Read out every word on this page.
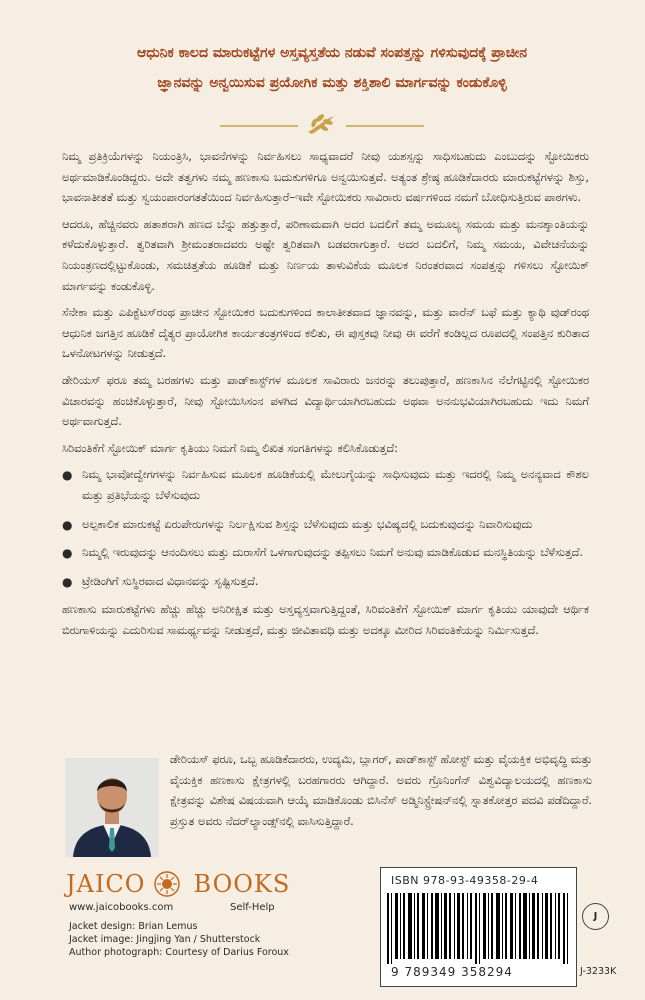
ಆಧುನಿಕ ಕಾಲದ ಮಾರುಕಟ್ಟೆಗಳ ಅಸ್ತವ್ಯಸ್ತತೆಯ ನಡುವೆ ಸಂಪತ್ತನ್ನು ಗಳಿಸುವುದಕ್ಕೆ ಪ್ರಾಚೀನ
ಜ್ಞಾನವನ್ನು ಅನ್ವಯಿಸುವ ಪ್ರಯೋಗಿಕ ಮತ್ತು ಶಕ್ತಿಶಾಲಿ ಮಾರ್ಗವನ್ನು ಕಂಡುಕೊಳ್ಳಿ

ನಿಮ್ಮ ಪ್ರತಿಕ್ರಿಯೆಗಳನ್ನು ನಿಯಂತ್ರಿಸಿ, ಭಾವನೆಗಳನ್ನು ನಿರ್ವಹಿಸಲು ಸಾಧ್ಯವಾದರೆ ನೀವು ಯಶಸ್ಸನ್ನು ಸಾಧಿಸಬಹುದು ಎಂಬುದನ್ನು ಸ್ಟೋಯಿಕರು ಅರ್ಥಮಾಡಿಕೊಂಡಿದ್ದರು. ಅದೇ ತತ್ವಗಳು ನಮ್ಮ ಹಣಕಾಸು ಬದುಕುಗಳಿಗೂ ಅನ್ವಯಿಸುತ್ತವೆ. ಅತ್ಯಂತ ಶ್ರೇಷ್ಠ ಹೂಡಿಕೆದಾರರು ಮಾರುಕಟ್ಟೆಗಳನ್ನು ಶಿಸ್ತು, ಭಾವನಾತೀತತೆ ಮತ್ತು ಸ್ವಯಂಪಾರಂಗತತೆಯಿಂದ ನಿರ್ವಹಿಸುತ್ತಾರೆ–ಇವೇ ಸ್ಟೋಯಿಕರು ಸಾವಿರಾರು ವರ್ಷಗಳಿಂದ ನಮಗೆ ಬೋಧಿಸುತ್ತಿರುವ ಪಾಠಗಳು.

ಆದರೂ, ಹೆಚ್ಚಿನವರು ಹತಾಶರಾಗಿ ಹಣದ ಬೆನ್ನು ಹತ್ತುತ್ತಾರೆ, ಪರಿಣಾಮವಾಗಿ ಅದರ ಬದಲಿಗೆ ತಮ್ಮ ಅಮೂಲ್ಯ ಸಮಯ ಮತ್ತು ಮನಶ್ಶಾಂತಿಯನ್ನು ಕಳೆದುಕೊಳ್ಳುತ್ತಾರೆ. ತ್ವರಿತವಾಗಿ ಶ್ರೀಮಂತರಾದವರು ಅಷ್ಟೇ ತ್ವರಿತವಾಗಿ ಬಡವರಾಗುತ್ತಾರೆ. ಅದರ ಬದಲಿಗೆ, ನಿಮ್ಮ ಸಮಯ, ವಿವೇಚನೆಯನ್ನು ನಿಯಂತ್ರಣದಲ್ಲಿಟ್ಟುಕೊಂಡು, ಸಮಚಿತ್ತತೆಯ ಹೂಡಿಕೆ ಮತ್ತು ನಿರ್ಣಯ ತಾಳುವಿಕೆಯ ಮೂಲಕ ನಿರಂತರವಾದ ಸಂಪತ್ತನ್ನು ಗಳಿಸಲು ಸ್ಟೋಯಿಕ್ ಮಾರ್ಗವನ್ನು ಕಂಡುಕೊಳ್ಳಿ.

ಸೆನೇಕಾ ಮತ್ತು ಎಪಿಕ್ಟೆಟಸ್‌ರಂಥ ಪ್ರಾಚೀನ ಸ್ಟೋಯಿಕರ ಬದುಕುಗಳಿಂದ ಕಾಲಾತೀತವಾದ ಜ್ಞಾನವನ್ನು, ಮತ್ತು ವಾರೆನ್ ಬಫೆ ಮತ್ತು ಕ್ಯಾಥಿ ವುಡ್‌ರಂಥ ಆಧುನಿಕ ಜಗತ್ತಿನ ಹೂಡಿಕೆ ದೈತ್ಯರ ಪ್ರಾಯೋಗಿಕ ಕಾರ್ಯತಂತ್ರಗಳಿಂದ ಕಲಿತು, ಈ ಪುಸ್ತಕವು ನೀವು ಈ ವರೆಗೆ ಕಂಡಿಲ್ಲದ ರೂಪದಲ್ಲಿ ಸಂಪತ್ತಿನ ಕುರಿತಾದ ಒಳನೋಟಗಳನ್ನು ನೀಡುತ್ತದೆ.

ಡೇರಿಯಸ್ ಫರೂ ತಮ್ಮ ಬರಹಗಳು ಮತ್ತು ಪಾಡ್‌ಕಾಸ್ಟ್‌ಗಳ ಮೂಲಕ ಸಾವಿರಾರು ಜನರನ್ನು ತಲುಪುತ್ತಾರೆ, ಹಣಕಾಸಿನ ನೆಲೆಗಟ್ಟಿನಲ್ಲಿ ಸ್ಟೋಯಿಕರ ವಿಚಾರವನ್ನು ಹಂಚಿಕೊಳ್ಳುತ್ತಾರೆ, ನೀವು ಸ್ಟೋಯಿಸಿಸಂನ ಪಳಗಿದ ವಿದ್ಯಾರ್ಥಿಯಾಗಿರಬಹುದು ಅಥವಾ ಅನನುಭವಿಯಾಗಿರಬಹುದು ಇದು ನಿಮಗೆ ಅರ್ಥವಾಗುತ್ತದೆ.

ಸಿರಿವಂತಿಕೆಗೆ ಸ್ಟೋಯಿಕ್ ಮಾರ್ಗ ಕೃತಿಯು ನಿಮಗೆ ನಿಮ್ಮ ಲಿಖಿತ ಸಂಗತಿಗಳನ್ನು ಕಲಿಸಿಕೊಡುತ್ತದೆ:

● ನಿಮ್ಮ ಭಾವೋದ್ವೇಗಗಳನ್ನು ನಿರ್ವಹಿಸುವ ಮೂಲಕ ಹೂಡಿಕೆಯಲ್ಲಿ ಮೇಲುಗೈಯನ್ನು ಸಾಧಿಸುವುದು ಮತ್ತು ಇದರಲ್ಲಿ ನಿಮ್ಮ ಅನನ್ಯವಾದ ಕೌಶಲ ಮತ್ತು ಪ್ರತಿಭೆಯನ್ನು ಬೆಳೆಸುವುದು
● ಅಲ್ಪಕಾಲಿಕ ಮಾರುಕಟ್ಟೆ ಏರುಪೇರುಗಳನ್ನು ನಿರ್ಲಕ್ಷಿಸುವ ಶಿಸ್ತನ್ನು ಬೆಳೆಸುವುದು ಮತ್ತು ಭವಿಷ್ಯದಲ್ಲಿ ಬದುಕುವುದನ್ನು ನಿವಾರಿಸುವುದು
● ನಿಮ್ಮಲ್ಲಿ ಇರುವುದನ್ನು ಆನಂದಿಸಲು ಮತ್ತು ದುರಾಸೆಗೆ ಒಳಗಾಗುವುದನ್ನು ತಪ್ಪಿಸಲು ನಿಮಗೆ ಅನುವು ಮಾಡಿಕೊಡುವ ಮನಸ್ಥಿತಿಯನ್ನು ಬೆಳೆಸುತ್ತದೆ.
● ಟ್ರೇಡಿಂಗಿಗೆ ಸುಸ್ಥಿರವಾದ ವಿಧಾನವನ್ನು ಸೃಷ್ಟಿಸುತ್ತದೆ.

ಹಣಕಾಸು ಮಾರುಕಟ್ಟೆಗಳು ಹೆಚ್ಚು ಹೆಚ್ಚು ಅನಿರೀಕ್ಷಿತ ಮತ್ತು ಅಸ್ತವ್ಯಸ್ತವಾಗುತ್ತಿದ್ದಂತೆ, ಸಿರಿವಂತಿಕೆಗೆ ಸ್ಟೋಯಿಕ್ ಮಾರ್ಗ ಕೃತಿಯು ಯಾವುದೇ ಆರ್ಥಿಕ ಬಿರುಗಾಳಿಯನ್ನು ಎದುರಿಸುವ ಸಾಮರ್ಥ್ಯವನ್ನು ನೀಡುತ್ತದೆ, ಮತ್ತು ಜೀವಿತಾವಧಿ ಮತ್ತು ಅದಕ್ಕೂ ಮೀರಿದ ಸಿರಿವಂತಿಕೆಯನ್ನು ನಿರ್ಮಿಸುತ್ತದೆ.

ಡೇರಿಯಸ್ ಫರೂ, ಒಬ್ಬ ಹೂಡಿಕೆದಾರರು, ಉದ್ಯಮಿ, ಬ್ಲಾಗರ್, ಪಾಡ್‌ಕಾಸ್ಟ್ ಹೋಸ್ಟ್ ಮತ್ತು ವೈಯಕ್ತಿಕ ಅಭಿವೃದ್ಧಿ ಮತ್ತು ವೈಯಕ್ತಿಕ ಹಣಕಾಸು ಕ್ಷೇತ್ರಗಳಲ್ಲಿ ಬರಹಗಾರರು ಆಗಿದ್ದಾರೆ. ಅವರು ಗ್ರೊನಿಂಗೆನ್ ವಿಶ್ವವಿದ್ಯಾಲಯದಲ್ಲಿ ಹಣಕಾಸು ಕ್ಷೇತ್ರವನ್ನು ವಿಶೇಷ ವಿಷಯವಾಗಿ ಆಯ್ಕೆ ಮಾಡಿಕೊಂಡು ಬಿಸಿನೆಸ್ ಅಡ್ಮಿನಿಸ್ಟ್ರೇಷನ್‌ನಲ್ಲಿ ಸ್ನಾತಕೋತ್ತರ ಪದವಿ ಪಡೆದಿದ್ದಾರೆ. ಪ್ರಸ್ತುತ ಅವರು ನೆದರ್‌ಲ್ಯಾಂಡ್ಸ್‌ನಲ್ಲಿ ವಾಸಿಸುತ್ತಿದ್ದಾರೆ.
JAICO BOOKS
www.jaicobooks.com	Self-Help
Jacket design: Brian Lemus
Jacket image: Jingjing Yan / Shutterstock
Author photograph: Courtesy of Darius Foroux
ISBN 978-93-49358-29-4
9 789349 358294
J
J-3233K
